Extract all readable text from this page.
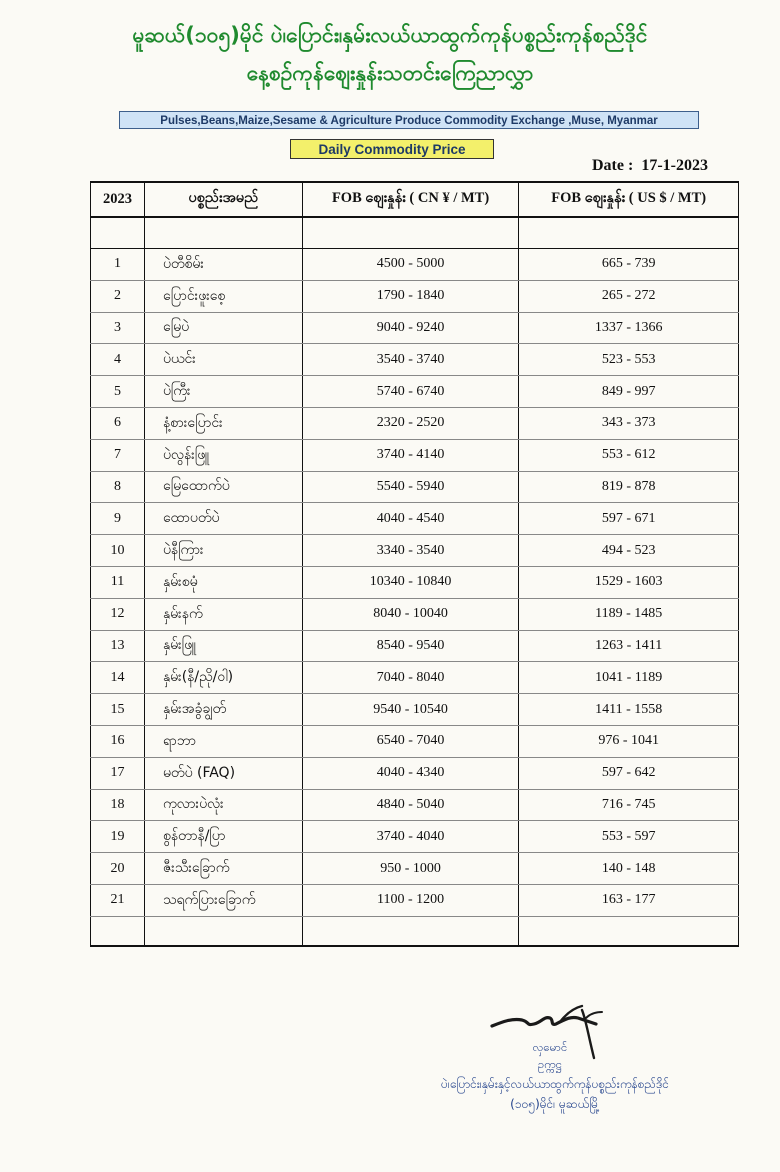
မူဆယ်(၁၀၅)မိုင် ပဲ၊ပြောင်း၊နှမ်းလယ်ယာထွက်ကုန်ပစ္စည်းကုန်စည်ဒိုင်
နေ့စဉ်ကုန်ဈေးနှုန်းသတင်းကြေညာလွှာ
Pulses,Beans,Maize,Sesame & Agriculture Produce Commodity Exchange ,Muse, Myanmar
Daily Commodity Price
Date : 17-1-2023
2023	ပစ္စည်းအမည်	FOB ဈေးနှုန်း ( CN ¥ / MT)	FOB ဈေးနှုန်း ( US $ / MT)

1	ပဲတီစိမ်း	4500 - 5000	665 - 739
2	ပြောင်းဖူးစေ့	1790 - 1840	265 - 272
3	မြေပဲ	9040 - 9240	1337 - 1366
4	ပဲယင်း	3540 - 3740	523 - 553
5	ပဲကြီး	5740 - 6740	849 - 997
6	နံ့စားပြောင်း	2320 - 2520	343 - 373
7	ပဲလွန်းဖြူ	3740 - 4140	553 - 612
8	မြေထောက်ပဲ	5540 - 5940	819 - 878
9	ထောပတ်ပဲ	4040 - 4540	597 - 671
10	ပဲနီကြား	3340 - 3540	494 - 523
11	နှမ်းစမုံ	10340 - 10840	1529 - 1603
12	နှမ်းနက်	8040 - 10040	1189 - 1485
13	နှမ်းဖြူ	8540 - 9540	1263 - 1411
14	နှမ်း(နီ/ညို/ဝါ)	7040 - 8040	1041 - 1189
15	နှမ်းအခွံချွတ်	9540 - 10540	1411 - 1558
16	ရာဘာ	6540 - 7040	976 - 1041
17	မတ်ပဲ (FAQ)	4040 - 4340	597 - 642
18	ကုလားပဲလုံး	4840 - 5040	716 - 745
19	စွန်တာနီ/ပြာ	3740 - 4040	553 - 597
20	ဇီးသီးခြောက်	950 - 1000	140 - 148
21	သရက်ပြားခြောက်	1100 - 1200	163 - 177

လှမောင်
ဥက္ကဋ္ဌ
ပဲ၊ပြောင်း၊နှမ်းနှင့်လယ်ယာထွက်ကုန်ပစ္စည်းကုန်စည်ဒိုင်
(၁၀၅)မိုင်၊ မူဆယ်မြို့
